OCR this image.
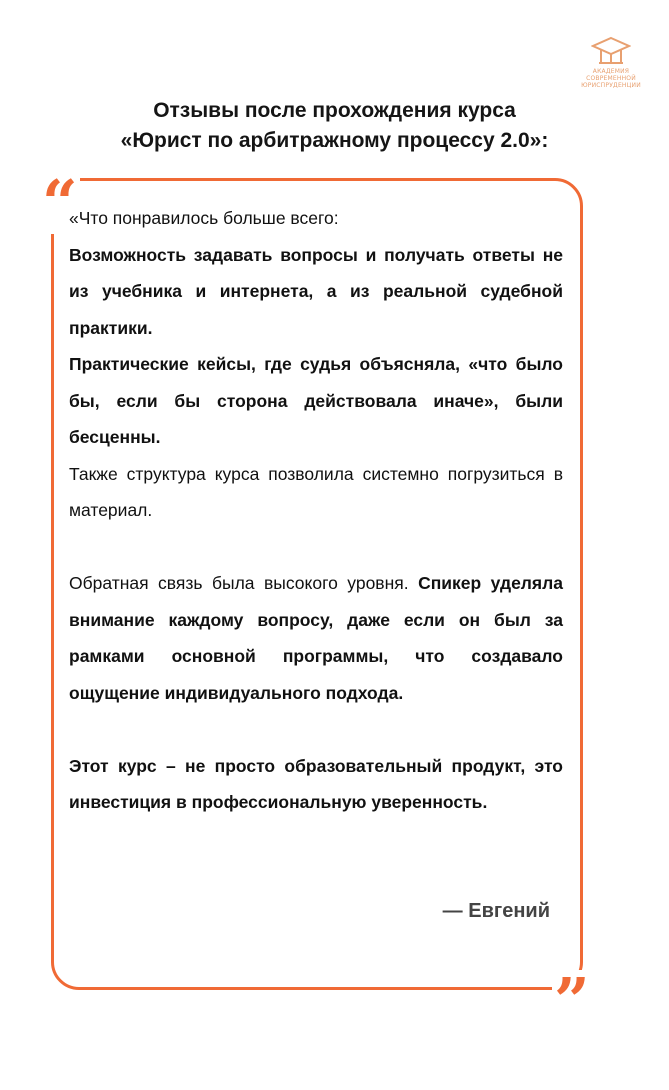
АКАДЕМИЯ
СОВРЕМЕННОЙ
ЮРИСПРУДЕНЦИИ
Отзывы после прохождения курса
«Юрист по арбитражному процессу 2.0»:
“
”

«Что понравилось больше всего:

Возможность задавать вопросы и получать ответы не из учебника и интернета, а из реальной судебной практики.

Практические кейсы, где судья объясняла, «что было бы, если бы сторона действовала иначе», были бесценны.

Также структура курса позволила системно погрузиться в материал.

Обратная связь была высокого уровня. Спикер уделяла внимание каждому вопросу, даже если он был за рамками основной программы, что создавало ощущение индивидуального подхода.

Этот курс – не просто образовательный продукт, это инвестиция в профессиональную уверенность.

— Евгений
